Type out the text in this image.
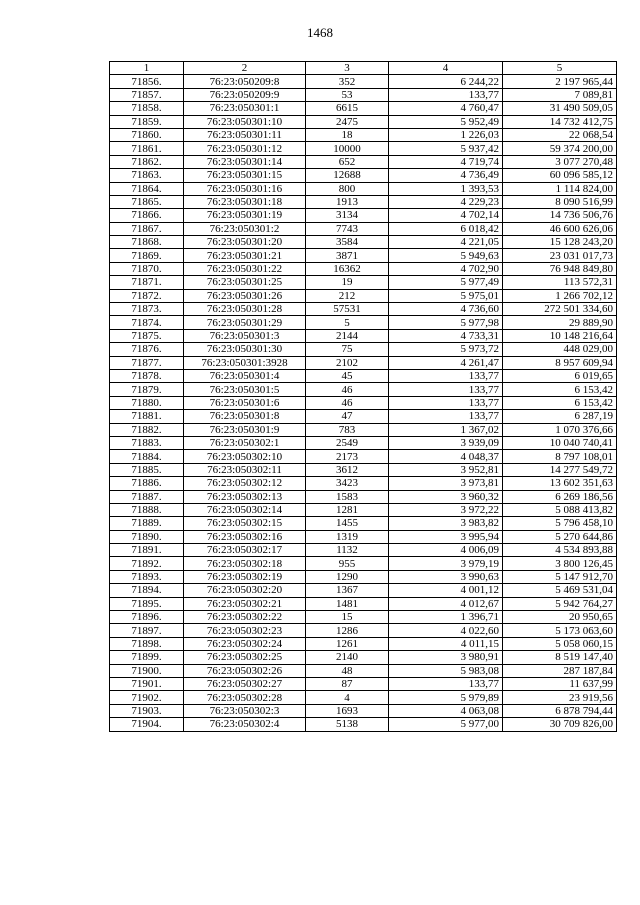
1468
1	2	3	4	5
71856.	76:23:050209:8	352	6 244,22	2 197 965,44
71857.	76:23:050209:9	53	133,77	7 089,81
71858.	76:23:050301:1	6615	4 760,47	31 490 509,05
71859.	76:23:050301:10	2475	5 952,49	14 732 412,75
71860.	76:23:050301:11	18	1 226,03	22 068,54
71861.	76:23:050301:12	10000	5 937,42	59 374 200,00
71862.	76:23:050301:14	652	4 719,74	3 077 270,48
71863.	76:23:050301:15	12688	4 736,49	60 096 585,12
71864.	76:23:050301:16	800	1 393,53	1 114 824,00
71865.	76:23:050301:18	1913	4 229,23	8 090 516,99
71866.	76:23:050301:19	3134	4 702,14	14 736 506,76
71867.	76:23:050301:2	7743	6 018,42	46 600 626,06
71868.	76:23:050301:20	3584	4 221,05	15 128 243,20
71869.	76:23:050301:21	3871	5 949,63	23 031 017,73
71870.	76:23:050301:22	16362	4 702,90	76 948 849,80
71871.	76:23:050301:25	19	5 977,49	113 572,31
71872.	76:23:050301:26	212	5 975,01	1 266 702,12
71873.	76:23:050301:28	57531	4 736,60	272 501 334,60
71874.	76:23:050301:29	5	5 977,98	29 889,90
71875.	76:23:050301:3	2144	4 733,31	10 148 216,64
71876.	76:23:050301:30	75	5 973,72	448 029,00
71877.	76:23:050301:3928	2102	4 261,47	8 957 609,94
71878.	76:23:050301:4	45	133,77	6 019,65
71879.	76:23:050301:5	46	133,77	6 153,42
71880.	76:23:050301:6	46	133,77	6 153,42
71881.	76:23:050301:8	47	133,77	6 287,19
71882.	76:23:050301:9	783	1 367,02	1 070 376,66
71883.	76:23:050302:1	2549	3 939,09	10 040 740,41
71884.	76:23:050302:10	2173	4 048,37	8 797 108,01
71885.	76:23:050302:11	3612	3 952,81	14 277 549,72
71886.	76:23:050302:12	3423	3 973,81	13 602 351,63
71887.	76:23:050302:13	1583	3 960,32	6 269 186,56
71888.	76:23:050302:14	1281	3 972,22	5 088 413,82
71889.	76:23:050302:15	1455	3 983,82	5 796 458,10
71890.	76:23:050302:16	1319	3 995,94	5 270 644,86
71891.	76:23:050302:17	1132	4 006,09	4 534 893,88
71892.	76:23:050302:18	955	3 979,19	3 800 126,45
71893.	76:23:050302:19	1290	3 990,63	5 147 912,70
71894.	76:23:050302:20	1367	4 001,12	5 469 531,04
71895.	76:23:050302:21	1481	4 012,67	5 942 764,27
71896.	76:23:050302:22	15	1 396,71	20 950,65
71897.	76:23:050302:23	1286	4 022,60	5 173 063,60
71898.	76:23:050302:24	1261	4 011,15	5 058 060,15
71899.	76:23:050302:25	2140	3 980,91	8 519 147,40
71900.	76:23:050302:26	48	5 983,08	287 187,84
71901.	76:23:050302:27	87	133,77	11 637,99
71902.	76:23:050302:28	4	5 979,89	23 919,56
71903.	76:23:050302:3	1693	4 063,08	6 878 794,44
71904.	76:23:050302:4	5138	5 977,00	30 709 826,00
